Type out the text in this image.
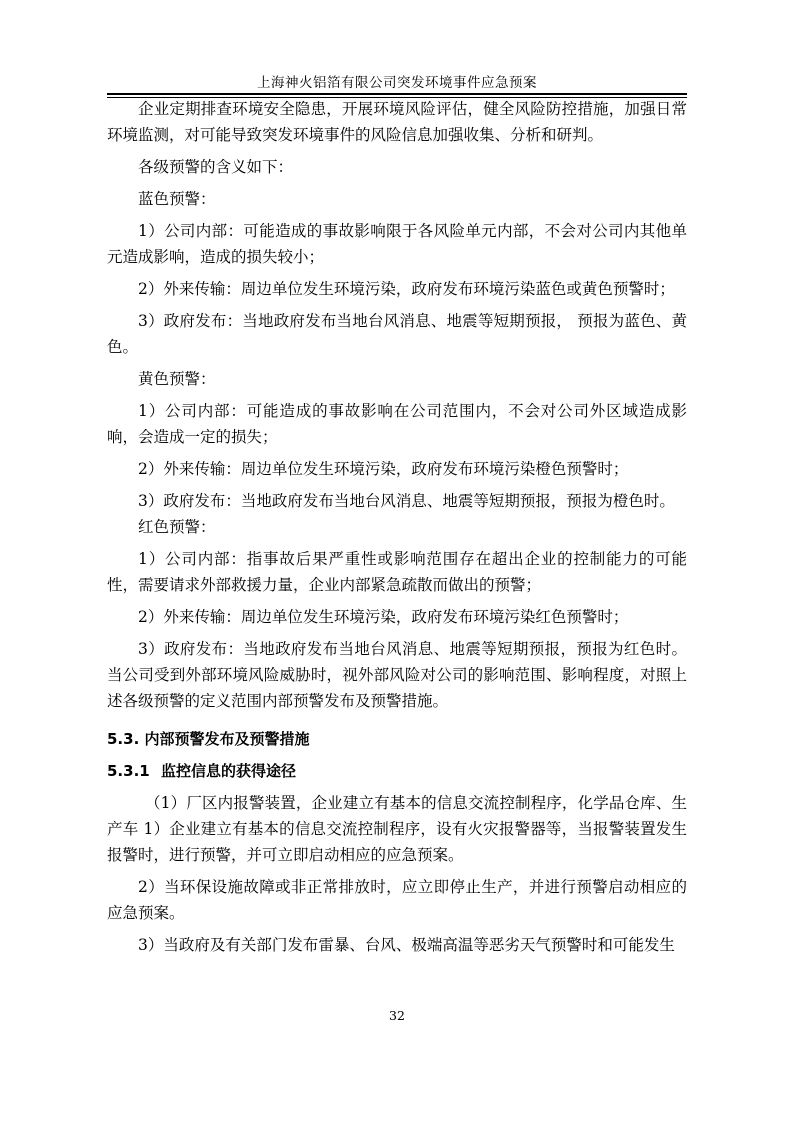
上海神火铝箔有限公司突发环境事件应急预案

企业定期排查环境安全隐患，开展环境风险评估，健全风险防控措施，加强日常环境监测，对可能导致突发环境事件的风险信息加强收集、分析和研判。

各级预警的含义如下：

蓝色预警：

1）公司内部：可能造成的事故影响限于各风险单元内部，不会对公司内其他单元造成影响，造成的损失较小；

2）外来传输：周边单位发生环境污染，政府发布环境污染蓝色或黄色预警时；

3）政府发布：当地政府发布当地台风消息、地震等短期预报， 预报为蓝色、黄色。

黄色预警：

1）公司内部：可能造成的事故影响在公司范围内，不会对公司外区域造成影响，会造成一定的损失；

2）外来传输：周边单位发生环境污染，政府发布环境污染橙色预警时；

3）政府发布：当地政府发布当地台风消息、地震等短期预报，预报为橙色时。

红色预警：

1）公司内部：指事故后果严重性或影响范围存在超出企业的控制能力的可能性，需要请求外部救援力量，企业内部紧急疏散而做出的预警；

2）外来传输：周边单位发生环境污染，政府发布环境污染红色预警时；

3）政府发布：当地政府发布当地台风消息、地震等短期预报，预报为红色时。当公司受到外部环境风险威胁时，视外部风险对公司的影响范围、影响程度，对照上述各级预警的定义范围内部预警发布及预警措施。

5.3. 内部预警发布及预警措施

5.3.1 监控信息的获得途径

（1）厂区内报警装置，企业建立有基本的信息交流控制程序，化学品仓库、生产车 1）企业建立有基本的信息交流控制程序，设有火灾报警器等，当报警装置发生报警时，进行预警，并可立即启动相应的应急预案。

2）当环保设施故障或非正常排放时，应立即停止生产，并进行预警启动相应的应急预案。

3）当政府及有关部门发布雷暴、台风、极端高温等恶劣天气预警时和可能发生

32
